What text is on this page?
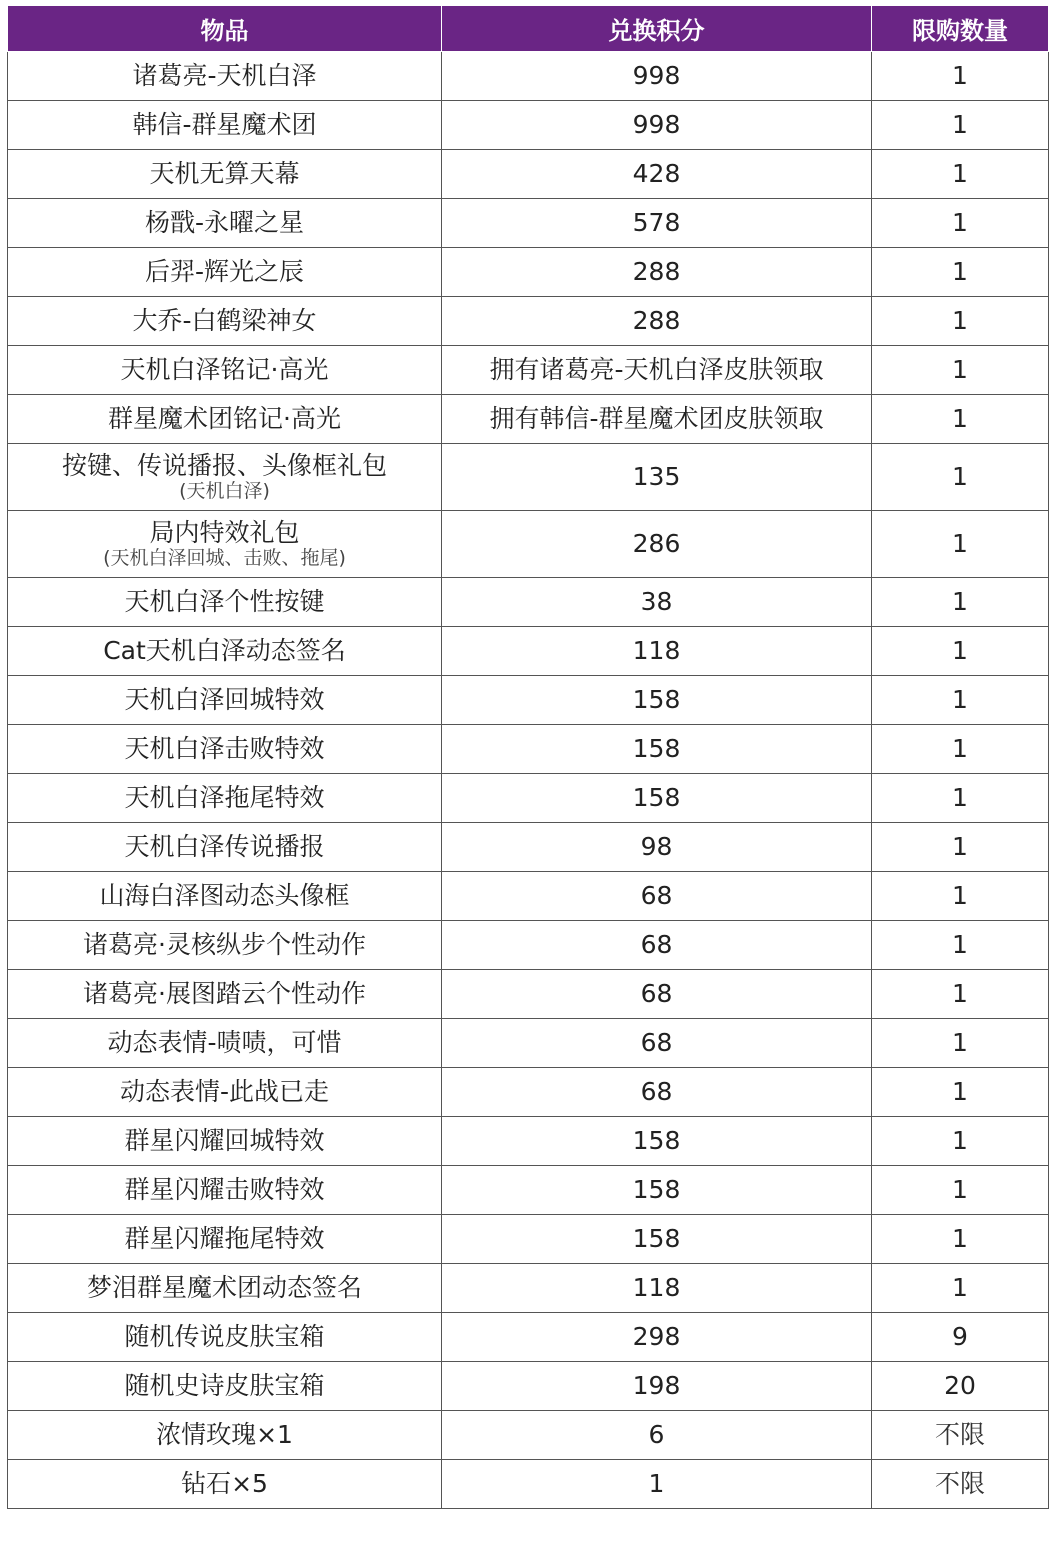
物品	兑换积分	限购数量
诸葛亮-天机白泽	998	1
韩信-群星魔术团	998	1
天机无算天幕	428	1
杨戬-永曜之星	578	1
后羿-辉光之辰	288	1
大乔-白鹤梁神女	288	1
天机白泽铭记·高光	拥有诸葛亮-天机白泽皮肤领取	1
群星魔术团铭记·高光	拥有韩信-群星魔术团皮肤领取	1
按键、传说播报、头像框礼包
(天机白泽)	135	1
局内特效礼包
(天机白泽回城、击败、拖尾)	286	1
天机白泽个性按键	38	1
Cat天机白泽动态签名	118	1
天机白泽回城特效	158	1
天机白泽击败特效	158	1
天机白泽拖尾特效	158	1
天机白泽传说播报	98	1
山海白泽图动态头像框	68	1
诸葛亮·灵核纵步个性动作	68	1
诸葛亮·展图踏云个性动作	68	1
动态表情-啧啧，可惜	68	1
动态表情-此战已走	68	1
群星闪耀回城特效	158	1
群星闪耀击败特效	158	1
群星闪耀拖尾特效	158	1
梦泪群星魔术团动态签名	118	1
随机传说皮肤宝箱	298	9
随机史诗皮肤宝箱	198	20
浓情玫瑰×1	6	不限
钻石×5	1	不限
